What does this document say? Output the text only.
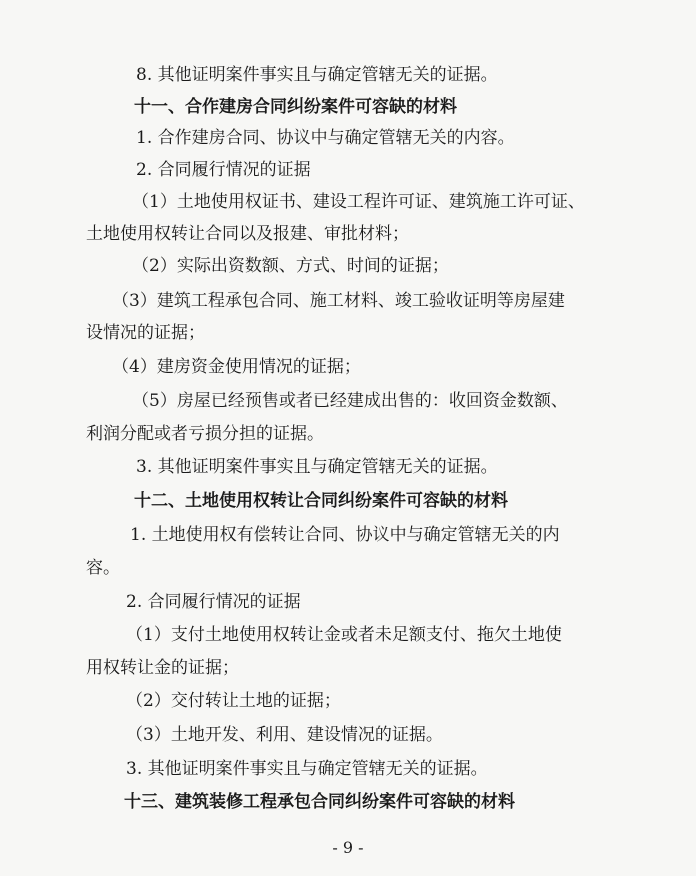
8. 其他证明案件事实且与确定管辖无关的证据。
十一、合作建房合同纠纷案件可容缺的材料
1. 合作建房合同、协议中与确定管辖无关的内容。
2. 合同履行情况的证据
（1）土地使用权证书、建设工程许可证、建筑施工许可证、
土地使用权转让合同以及报建、审批材料；
（2）实际出资数额、方式、时间的证据；
（3）建筑工程承包合同、施工材料、竣工验收证明等房屋建
设情况的证据；
（4）建房资金使用情况的证据；
（5）房屋已经预售或者已经建成出售的：收回资金数额、
利润分配或者亏损分担的证据。
3. 其他证明案件事实且与确定管辖无关的证据。
十二、土地使用权转让合同纠纷案件可容缺的材料
1. 土地使用权有偿转让合同、协议中与确定管辖无关的内
容。
2. 合同履行情况的证据
（1）支付土地使用权转让金或者未足额支付、拖欠土地使
用权转让金的证据；
（2）交付转让土地的证据；
（3）土地开发、利用、建设情况的证据。
3. 其他证明案件事实且与确定管辖无关的证据。
十三、建筑装修工程承包合同纠纷案件可容缺的材料
- 9 -
